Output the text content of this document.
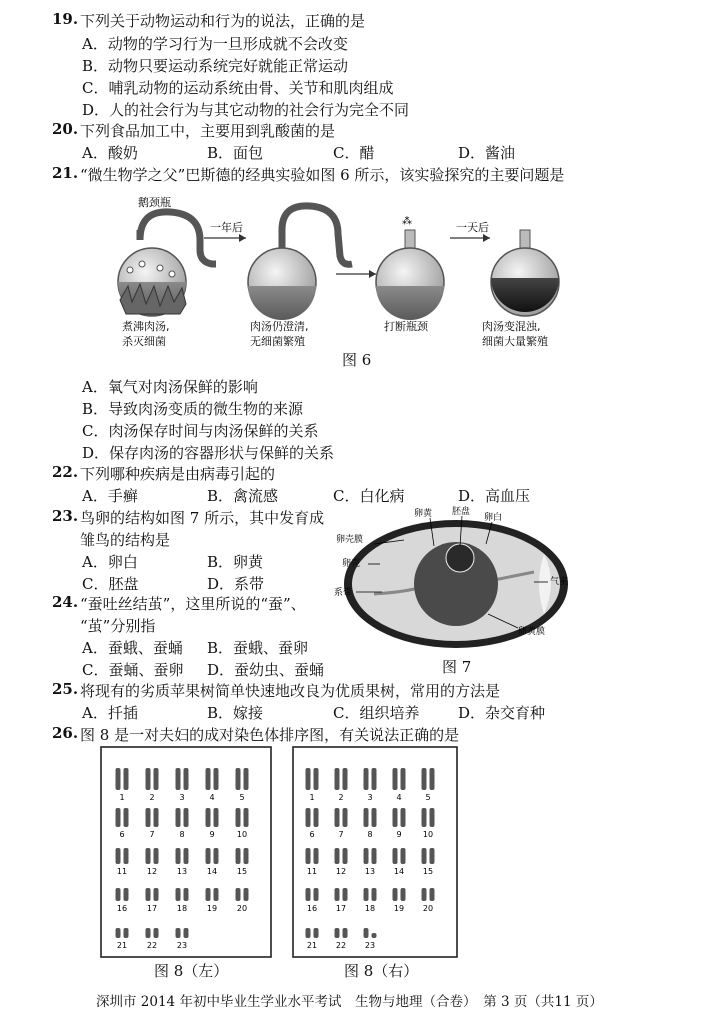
19. 下列关于动物运动和行为的说法，正确的是
A．动物的学习行为一旦形成就不会改变
B．动物只要运动系统完好就能正常运动
C．哺乳动物的运动系统由骨、关节和肌肉组成
D．人的社会行为与其它动物的社会行为完全不同
20. 下列食品加工中，主要用到乳酸菌的是
A．酸奶	B．面包	C．醋	D．酱油
21. “微生物学之父”巴斯德的经典实验如图 6 所示，该实验探究的主要问题是
鹅颈瓶
一年后	⁂	一天后
煮沸肉汤,
杀灭细菌
肉汤仍澄清,
无细菌繁殖
打断瓶颈	肉汤变混浊,
细菌大量繁殖
图 6
A．氧气对肉汤保鲜的影响
B．导致肉汤变质的微生物的来源
C．肉汤保存时间与肉汤保鲜的关系
D．保存肉汤的容器形状与保鲜的关系
22. 下列哪种疾病是由病毒引起的
A．手癣	B．禽流感	C．白化病	D．高血压
23. 鸟卵的结构如图 7 所示，其中发育成
雏鸟的结构是
A．卵白	B．卵黄
C．胚盘	D．系带
卵壳膜
卵黄 胚盘
卵白
卵壳
气室
系带
卵黄膜
图 7
24. “蚕吐丝结茧”，这里所说的“蚕”、
“茧”分别指
A．蚕蛾、蚕蛹 B．蚕蛾、蚕卵
C．蚕蛹、蚕卵 D．蚕幼虫、蚕蛹
25. 将现有的劣质苹果树简单快速地改良为优质果树，常用的方法是
A．扦插	B．嫁接	C．组织培养	D．杂交育种
26. 图 8 是一对夫妇的成对染色体排序图，有关说法正确的是
1	2	3	4	5
6	7	8	9	10
11 12 13 14 15
16 17 18 19 20
21 22 23
1	2	3	4	5
6	7	8	9	10
11 12 13 14 15
16 17 18 19 20
21 22 23
图 8（左）	图 8（右）
深圳市 2014 年初中毕业生学业水平考试　生物与地理（合卷）　第 3 页（共11 页）
